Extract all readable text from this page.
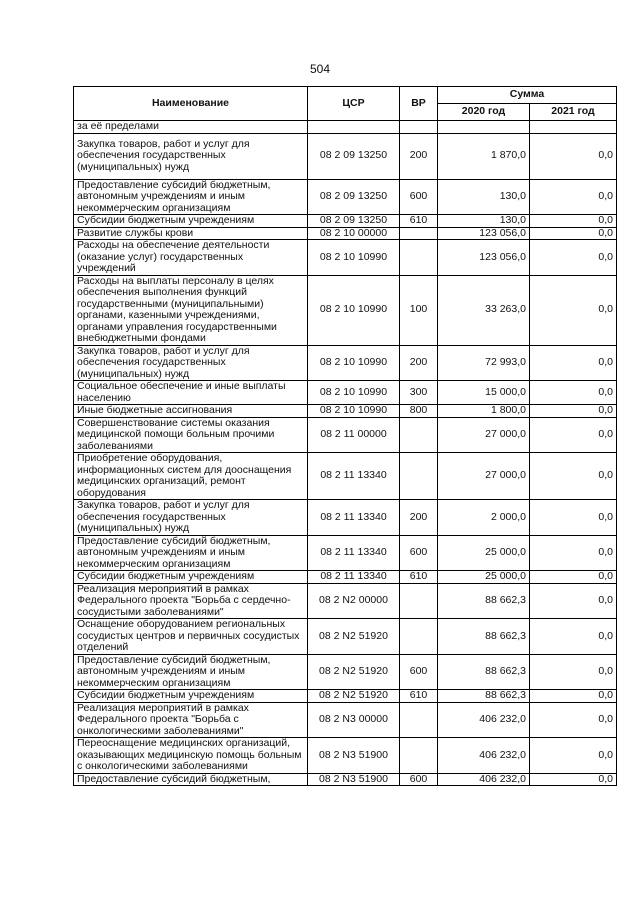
504
Наименование	ЦСР	ВР	Сумма	
			2020 год	2021 год
за её пределами				
Закупка товаров, работ и услуг для обеспечения государственных (муниципальных) нужд	08 2 09 13250	200	1 870,0	0,0
Предоставление субсидий бюджетным, автономным учреждениям и иным некоммерческим организациям	08 2 09 13250	600	130,0	0,0
Субсидии бюджетным учреждениям	08 2 09 13250	610	130,0	0,0
Развитие службы крови	08 2 10 00000		123 056,0	0,0
Расходы на обеспечение деятельности (оказание услуг) государственных учреждений	08 2 10 10990		123 056,0	0,0
Расходы на выплаты персоналу в целях обеспечения выполнения функций государственными (муниципальными) органами, казенными учреждениями, органами управления государственными внебюджетными фондами	08 2 10 10990	100	33 263,0	0,0
Закупка товаров, работ и услуг для обеспечения государственных (муниципальных) нужд	08 2 10 10990	200	72 993,0	0,0
Социальное обеспечение и иные выплаты населению	08 2 10 10990	300	15 000,0	0,0
Иные бюджетные ассигнования	08 2 10 10990	800	1 800,0	0,0
Совершенствование системы оказания медицинской помощи больным прочими заболеваниями	08 2 11 00000		27 000,0	0,0
Приобретение оборудования, информационных систем для дооснащения медицинских организаций, ремонт оборудования	08 2 11 13340		27 000,0	0,0
Закупка товаров, работ и услуг для обеспечения государственных (муниципальных) нужд	08 2 11 13340	200	2 000,0	0,0
Предоставление субсидий бюджетным, автономным учреждениям и иным некоммерческим организациям	08 2 11 13340	600	25 000,0	0,0
Субсидии бюджетным учреждениям	08 2 11 13340	610	25 000,0	0,0
Реализация мероприятий в рамках Федерального проекта "Борьба с сердечно-сосудистыми заболеваниями"	08 2 N2 00000		88 662,3	0,0
Оснащение оборудованием региональных сосудистых центров и первичных сосудистых отделений	08 2 N2 51920		88 662,3	0,0
Предоставление субсидий бюджетным, автономным учреждениям и иным некоммерческим организациям	08 2 N2 51920	600	88 662,3	0,0
Субсидии бюджетным учреждениям	08 2 N2 51920	610	88 662,3	0,0
Реализация мероприятий в рамках Федерального проекта "Борьба с онкологическими заболеваниями"	08 2 N3 00000		406 232,0	0,0
Переоснащение медицинских организаций, оказывающих медицинскую помощь больным с онкологическими заболеваниями	08 2 N3 51900		406 232,0	0,0
Предоставление субсидий бюджетным,	08 2 N3 51900	600	406 232,0	0,0
